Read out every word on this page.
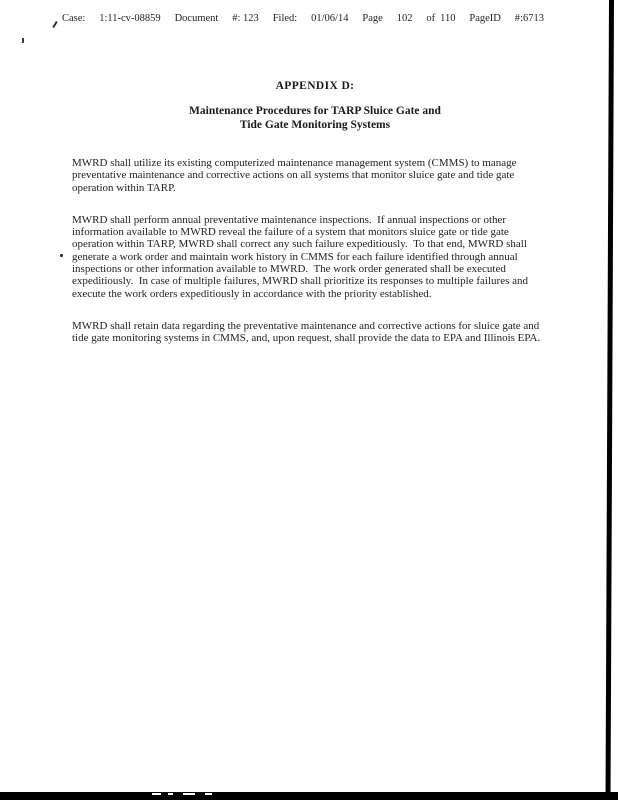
Case: 1:11-cv-08859 Document #: 123 Filed: 01/06/14 Page 102 of 110 PageID #:6713
APPENDIX D:
Maintenance Procedures for TARP Sluice Gate and
Tide Gate Monitoring Systems

MWRD shall utilize its existing computerized maintenance management system (CMMS) to manage preventative maintenance and corrective actions on all systems that monitor sluice gate and tide gate operation within TARP.

MWRD shall perform annual preventative maintenance inspections.  If annual inspections or other information available to MWRD reveal the failure of a system that monitors sluice gate or tide gate operation within TARP, MWRD shall correct any such failure expeditiously.  To that end, MWRD shall generate a work order and maintain work history in CMMS for each failure identified through annual inspections or other information available to MWRD.  The work order generated shall be executed expeditiously.  In case of multiple failures, MWRD shall prioritize its responses to multiple failures and execute the work orders expeditiously in accordance with the priority established.

MWRD shall retain data regarding the preventative maintenance and corrective actions for sluice gate and tide gate monitoring systems in CMMS, and, upon request, shall provide the data to EPA and Illinois EPA.
